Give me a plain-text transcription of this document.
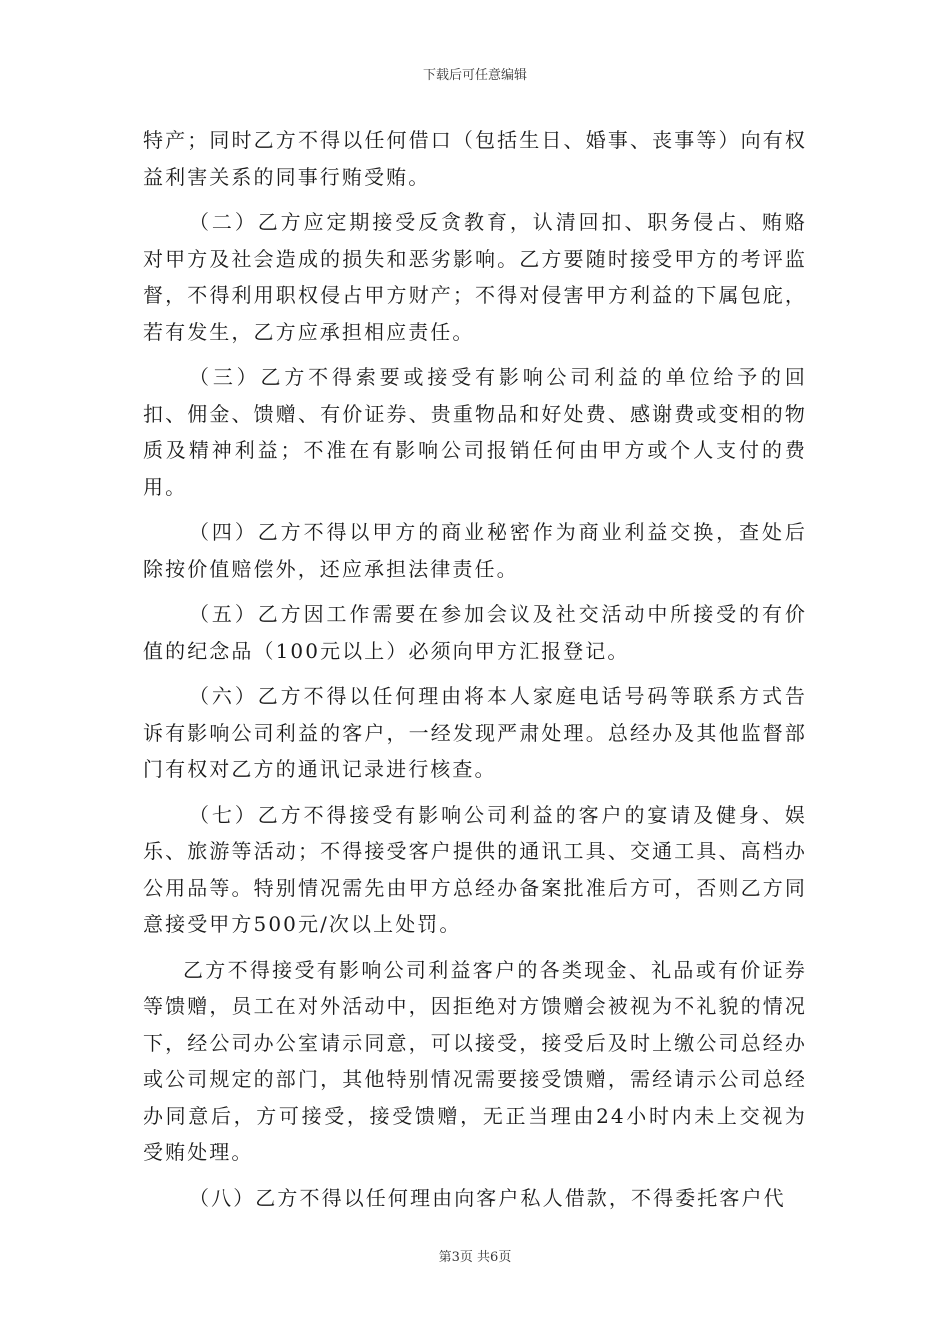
下载后可任意编辑

特产；同时乙方不得以任何借口（包括生日、婚事、丧事等）向有权益利害关系的同事行贿受贿。

（二）乙方应定期接受反贪教育，认清回扣、职务侵占、贿赂对甲方及社会造成的损失和恶劣影响。乙方要随时接受甲方的考评监督，不得利用职权侵占甲方财产；不得对侵害甲方利益的下属包庇，若有发生，乙方应承担相应责任。

（三）乙方不得索要或接受有影响公司利益的单位给予的回扣、佣金、馈赠、有价证券、贵重物品和好处费、感谢费或变相的物质及精神利益；不准在有影响公司报销任何由甲方或个人支付的费用。

（四）乙方不得以甲方的商业秘密作为商业利益交换，查处后除按价值赔偿外，还应承担法律责任。

（五）乙方因工作需要在参加会议及社交活动中所接受的有价值的纪念品（100元以上）必须向甲方汇报登记。

（六）乙方不得以任何理由将本人家庭电话号码等联系方式告诉有影响公司利益的客户，一经发现严肃处理。总经办及其他监督部门有权对乙方的通讯记录进行核查。

（七）乙方不得接受有影响公司利益的客户的宴请及健身、娱乐、旅游等活动；不得接受客户提供的通讯工具、交通工具、高档办公用品等。特别情况需先由甲方总经办备案批准后方可，否则乙方同意接受甲方500元/次以上处罚。

乙方不得接受有影响公司利益客户的各类现金、礼品或有价证券等馈赠，员工在对外活动中，因拒绝对方馈赠会被视为不礼貌的情况下，经公司办公室请示同意，可以接受，接受后及时上缴公司总经办或公司规定的部门，其他特别情况需要接受馈赠，需经请示公司总经办同意后，方可接受，接受馈赠，无正当理由24小时内未上交视为受贿处理。

（八）乙方不得以任何理由向客户私人借款，不得委托客户代

第3页 共6页
